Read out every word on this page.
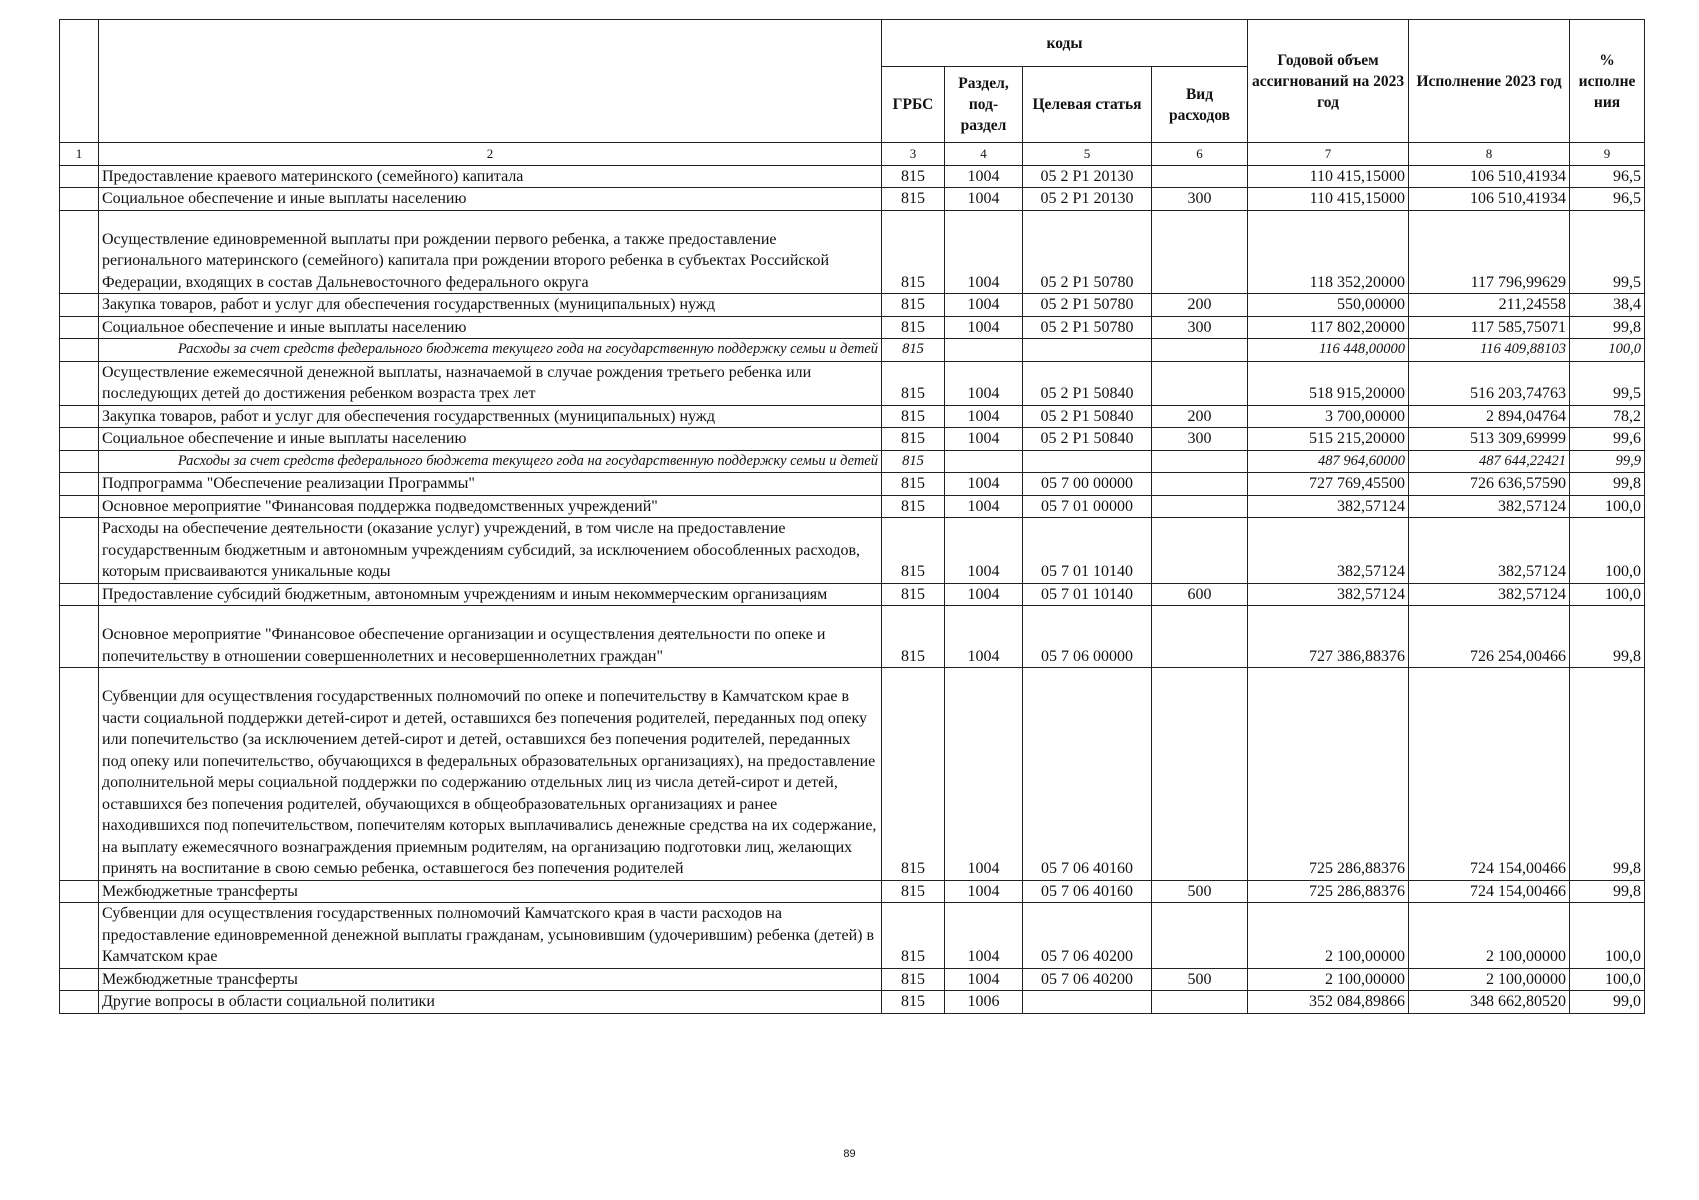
		коды				Годовой объем ассигнований на 2023 год	Исполнение 2023 год	% исполне ния
		ГРБС	Раздел, под-раздел	Целевая статья	Вид расходов			
1	2	3	4	5	6	7	8	9
	Предоставление краевого материнского (семейного) капитала	815	1004	05 2 Р1 20130		110 415,15000	106 510,41934	96,5
	Социальное обеспечение и иные выплаты населению	815	1004	05 2 Р1 20130	300	110 415,15000	106 510,41934	96,5
	Осуществление единовременной выплаты при рождении первого ребенка, а также предоставление регионального материнского (семейного) капитала при рождении второго ребенка в субъектах Российской Федерации, входящих в состав Дальневосточного федерального округа	815	1004	05 2 Р1 50780		118 352,20000	117 796,99629	99,5
	Закупка товаров, работ и услуг для обеспечения государственных (муниципальных) нужд	815	1004	05 2 Р1 50780	200	550,00000	211,24558	38,4
	Социальное обеспечение и иные выплаты населению	815	1004	05 2 Р1 50780	300	117 802,20000	117 585,75071	99,8
	Расходы за счет средств федерального бюджета текущего года на государственную поддержку семьи и детей	815				116 448,00000	116 409,88103	100,0
	Осуществление ежемесячной денежной выплаты, назначаемой в случае рождения третьего ребенка или последующих детей до достижения ребенком возраста трех лет	815	1004	05 2 Р1 50840		518 915,20000	516 203,74763	99,5
	Закупка товаров, работ и услуг для обеспечения государственных (муниципальных) нужд	815	1004	05 2 Р1 50840	200	3 700,00000	2 894,04764	78,2
	Социальное обеспечение и иные выплаты населению	815	1004	05 2 Р1 50840	300	515 215,20000	513 309,69999	99,6
	Расходы за счет средств федерального бюджета текущего года на государственную поддержку семьи и детей	815				487 964,60000	487 644,22421	99,9
	Подпрограмма "Обеспечение реализации Программы"	815	1004	05 7 00 00000		727 769,45500	726 636,57590	99,8
	Основное мероприятие "Финансовая поддержка подведомственных учреждений"	815	1004	05 7 01 00000		382,57124	382,57124	100,0
	Расходы на обеспечение деятельности (оказание услуг) учреждений, в том числе на предоставление государственным бюджетным и автономным учреждениям субсидий, за исключением обособленных расходов, которым присваиваются уникальные коды	815	1004	05 7 01 10140		382,57124	382,57124	100,0
	Предоставление субсидий бюджетным, автономным учреждениям и иным некоммерческим организациям	815	1004	05 7 01 10140	600	382,57124	382,57124	100,0
	Основное мероприятие "Финансовое обеспечение организации и осуществления деятельности по опеке и попечительству в отношении совершеннолетних и несовершеннолетних граждан"	815	1004	05 7 06 00000		727 386,88376	726 254,00466	99,8
	Субвенции для осуществления государственных полномочий по опеке и попечительству в Камчатском крае в части социальной поддержки детей-сирот и детей, оставшихся без попечения родителей, переданных под опеку или попечительство (за исключением детей-сирот и детей, оставшихся без попечения родителей, переданных под опеку или попечительство, обучающихся в федеральных образовательных организациях), на предоставление дополнительной меры социальной поддержки по содержанию отдельных лиц из числа детей-сирот и детей, оставшихся без попечения родителей, обучающихся в общеобразовательных организациях и ранее находившихся под попечительством, попечителям которых выплачивались денежные средства на их содержание, на выплату ежемесячного вознаграждения приемным родителям, на организацию подготовки лиц, желающих принять на воспитание в свою семью ребенка, оставшегося без попечения родителей	815	1004	05 7 06 40160		725 286,88376	724 154,00466	99,8
	Межбюджетные трансферты	815	1004	05 7 06 40160	500	725 286,88376	724 154,00466	99,8
	Субвенции для осуществления государственных полномочий Камчатского края в части расходов на предоставление единовременной денежной выплаты гражданам, усыновившим (удочерившим) ребенка (детей) в Камчатском крае	815	1004	05 7 06 40200		2 100,00000	2 100,00000	100,0
	Межбюджетные трансферты	815	1004	05 7 06 40200	500	2 100,00000	2 100,00000	100,0
	Другие вопросы в области социальной политики	815	1006			352 084,89866	348 662,80520	99,0
89
